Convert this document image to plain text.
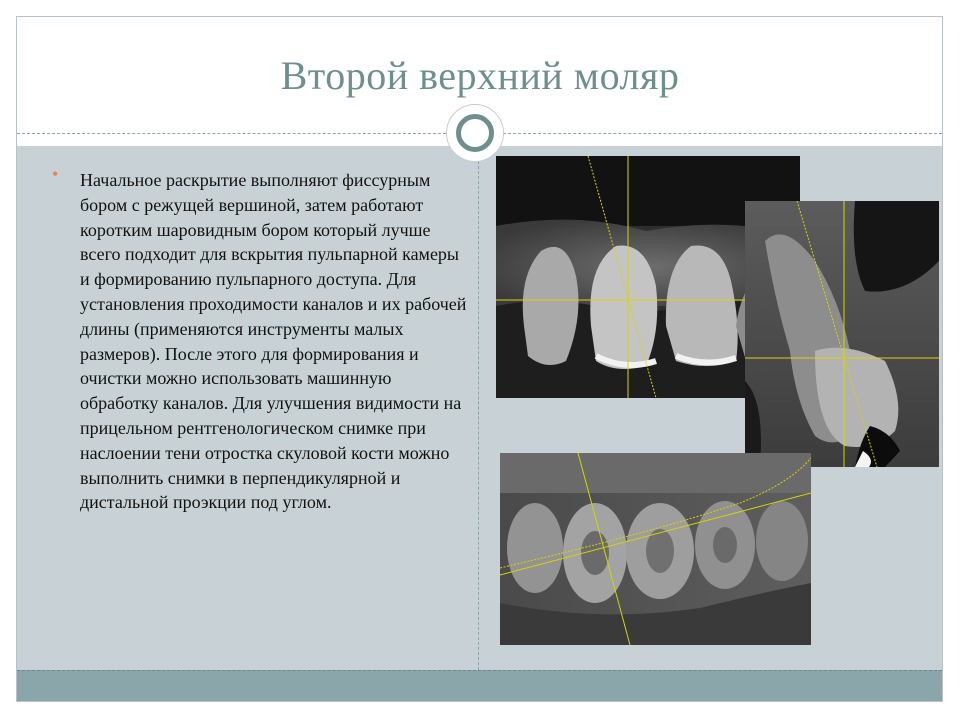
Второй верхний моляр
• Начальное раскрытие выполняют фиссурным бором с режущей вершиной, затем работают коротким шаровидным бором который лучше всего подходит для вскрытия пульпарной камеры и формированию пульпарного доступа. Для установления проходимости каналов и их рабочей длины (применяются инструменты малых размеров). После этого для формирования и очистки можно использовать машинную обработку каналов. Для улучшения видимости на прицельном рентгенологическом снимке при наслоении тени отростка скуловой кости можно выполнить снимки в перпендикулярной и дистальной проэкции под углом.
